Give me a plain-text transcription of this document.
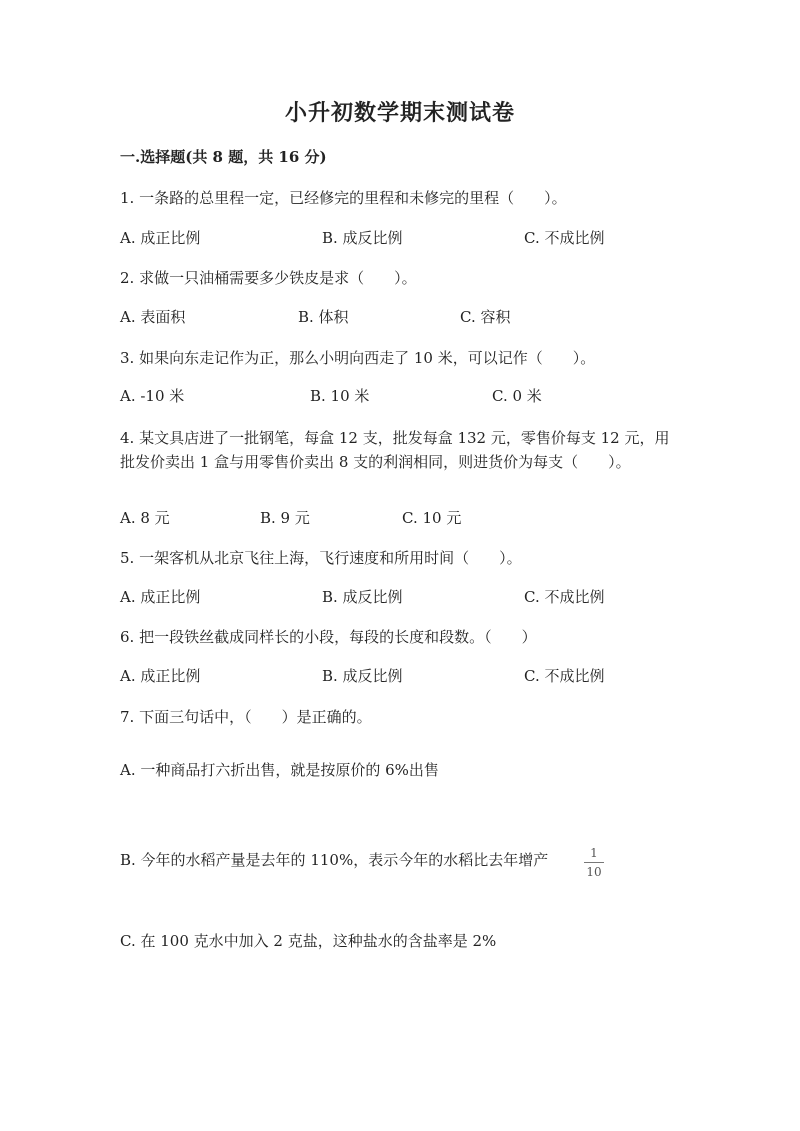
小升初数学期末测试卷
一.选择题(共 8 题，共 16 分)
1. 一条路的总里程一定，已经修完的里程和未修完的里程（　　）。
A. 成正比例	B. 成反比例	C. 不成比例
2. 求做一只油桶需要多少铁皮是求（　　）。
A. 表面积	B. 体积	C. 容积
3. 如果向东走记作为正，那么小明向西走了 10 米，可以记作（　　）。
A. -10 米	B. 10 米	C. 0 米
4. 某文具店进了一批钢笔，每盒 12 支，批发每盒 132 元，零售价每支 12 元，用批发价卖出 1 盒与用零售价卖出 8 支的利润相同，则进货价为每支（　　）。
A. 8 元	B. 9 元	C. 10 元
5. 一架客机从北京飞往上海，飞行速度和所用时间（　　）。
A. 成正比例	B. 成反比例	C. 不成比例
6. 把一段铁丝截成同样长的小段，每段的长度和段数。（　　）
A. 成正比例	B. 成反比例	C. 不成比例
7. 下面三句话中，（　　）是正确的。
A. 一种商品打六折出售，就是按原价的 6%出售
B. 今年的水稻产量是去年的 110%，表示今年的水稻比去年增产	1
10
C. 在 100 克水中加入 2 克盐，这种盐水的含盐率是 2%
